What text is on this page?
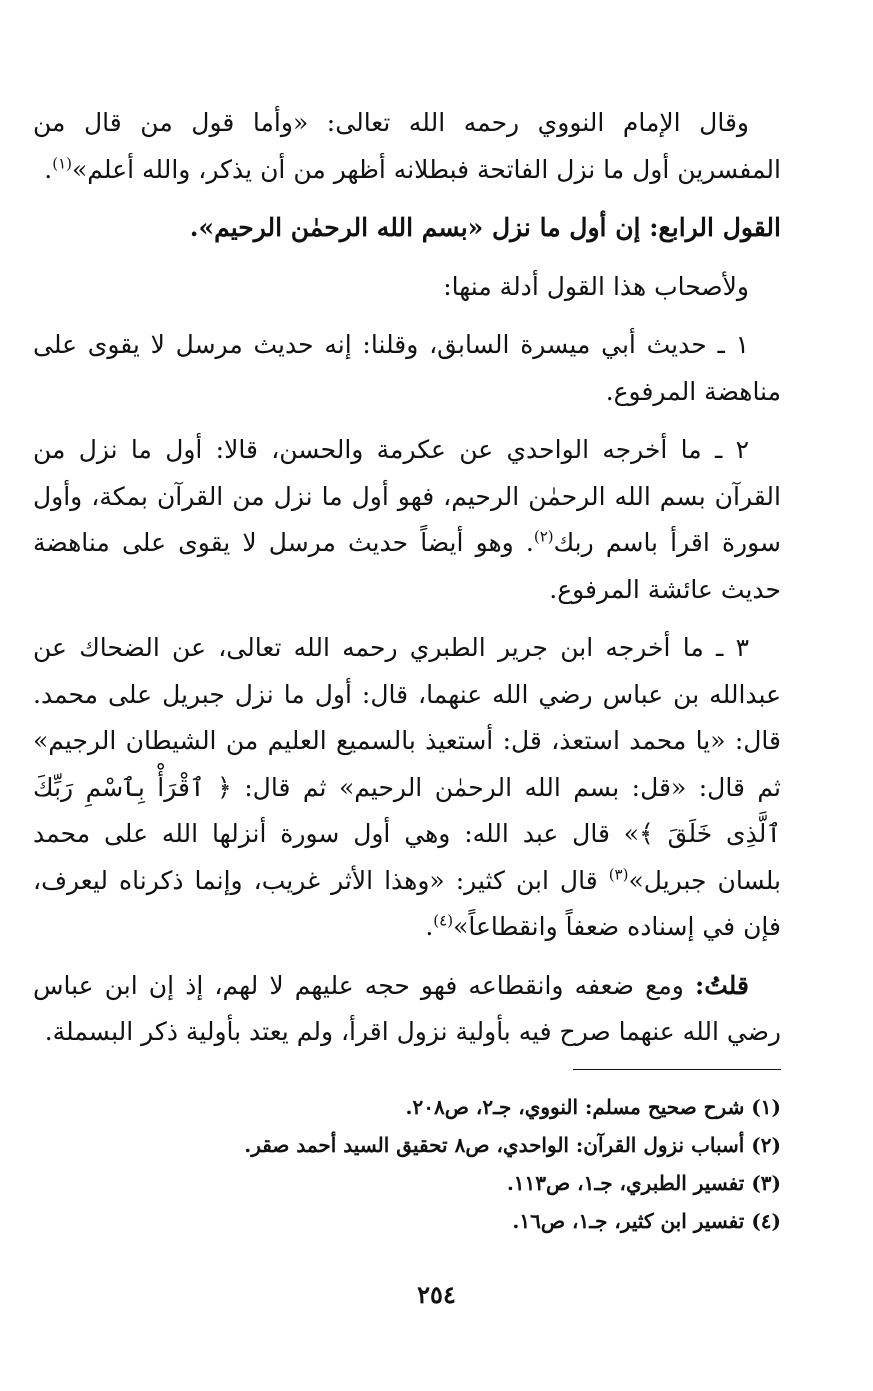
وقال الإمام النووي رحمه الله تعالى: «وأما قول من قال من المفسرين أول ما نزل الفاتحة فبطلانه أظهر من أن يذكر، والله أعلم»$^{(١)}$.

القول الرابع: إن أول ما نزل «بسم الله الرحمٰن الرحيم».

ولأصحاب هذا القول أدلة منها:

١ ـ حديث أبي ميسرة السابق، وقلنا: إنه حديث مرسل لا يقوى على مناهضة المرفوع.

٢ ـ ما أخرجه الواحدي عن عكرمة والحسن، قالا: أول ما نزل من القرآن بسم الله الرحمٰن الرحيم، فهو أول ما نزل من القرآن بمكة، وأول سورة اقرأ باسم ربك$^{(٢)}$. وهو أيضاً حديث مرسل لا يقوى على مناهضة حديث عائشة المرفوع.

٣ ـ ما أخرجه ابن جرير الطبري رحمه الله تعالى، عن الضحاك عن عبدالله بن عباس رضي الله عنهما، قال: أول ما نزل جبريل على محمد. قال: «يا محمد استعذ، قل: أستعيذ بالسميع العليم من الشيطان الرجيم» ثم قال: «قل: بسم الله الرحمٰن الرحيم» ثم قال: ﴿ ٱقْرَأْ بِٱسْمِ رَبِّكَ ٱلَّذِى خَلَقَ ﴾» قال عبد الله: وهي أول سورة أنزلها الله على محمد بلسان جبريل»$^{(٣)}$ قال ابن كثير: «وهذا الأثر غريب، وإنما ذكرناه ليعرف، فإن في إسناده ضعفاً وانقطاعاً»$^{(٤)}$.

قلتُ: ومع ضعفه وانقطاعه فهو حجه عليهم لا لهم، إذ إن ابن عباس رضي الله عنهما صرح فيه بأولية نزول اقرأ، ولم يعتد بأولية ذكر البسملة.

(١) شرح صحيح مسلم: النووي، جـ٢، ص٢٠٨.

(٢) أسباب نزول القرآن: الواحدي، ص٨ تحقيق السيد أحمد صقر.

(٣) تفسير الطبري، جـ١، ص١١٣.

(٤) تفسير ابن كثير، جـ١، ص١٦.

٢٥٤
